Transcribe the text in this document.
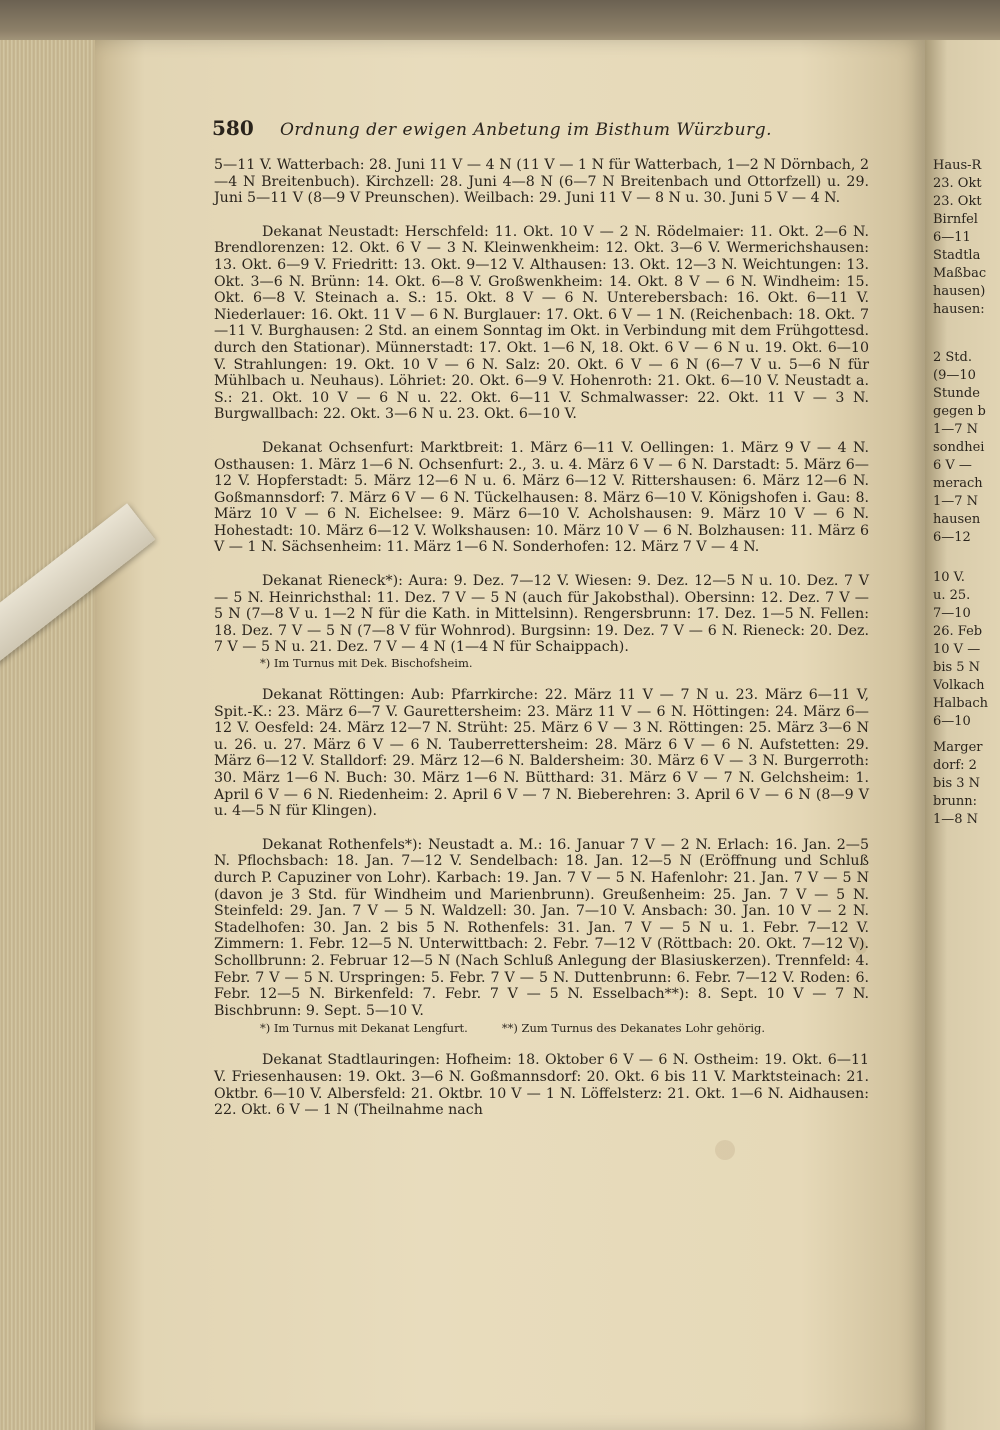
Haus-R
23. Okt
23. Okt
Birnfel
6—11
Stadtla
Maßbac
hausen)
hausen:
2 Std.
(9—10
Stunde
gegen b
1—7 N
sondhei
6 V —
merach
1—7 N
hausen
6—12
10 V.
u. 25.
7—10
26. Feb
10 V —
bis 5 N
Volkach
Halbach
6—10
Marger
dorf: 2
bis 3 N
brunn:
1—8 N
580 Ordnung der ewigen Anbetung im Bisthum Würzburg.

5—11 V. Watterbach: 28. Juni 11 V — 4 N (11 V — 1 N für Watterbach, 1—2 N Dörnbach, 2—4 N Breitenbuch). Kirchzell: 28. Juni 4—8 N (6—7 N Breitenbach und Ottorfzell) u. 29. Juni 5—11 V (8—9 V Preunschen). Weilbach: 29. Juni 11 V — 8 N u. 30. Juni 5 V — 4 N.

Dekanat Neustadt: Herschfeld: 11. Okt. 10 V — 2 N. Rödelmaier: 11. Okt. 2—6 N. Brendlorenzen: 12. Okt. 6 V — 3 N. Kleinwenkheim: 12. Okt. 3—6 V. Wermerichshausen: 13. Okt. 6—9 V. Friedritt: 13. Okt. 9—12 V. Althausen: 13. Okt. 12—3 N. Weichtungen: 13. Okt. 3—6 N. Brünn: 14. Okt. 6—8 V. Großwenkheim: 14. Okt. 8 V — 6 N. Windheim: 15. Okt. 6—8 V. Steinach a. S.: 15. Okt. 8 V — 6 N. Unterebersbach: 16. Okt. 6—11 V. Niederlauer: 16. Okt. 11 V — 6 N. Burglauer: 17. Okt. 6 V — 1 N. (Reichenbach: 18. Okt. 7—11 V. Burghausen: 2 Std. an einem Sonntag im Okt. in Verbindung mit dem Frühgottesd. durch den Stationar). Münnerstadt: 17. Okt. 1—6 N, 18. Okt. 6 V — 6 N u. 19. Okt. 6—10 V. Strahlungen: 19. Okt. 10 V — 6 N. Salz: 20. Okt. 6 V — 6 N (6—7 V u. 5—6 N für Mühlbach u. Neuhaus). Löhriet: 20. Okt. 6—9 V. Hohenroth: 21. Okt. 6—10 V. Neustadt a. S.: 21. Okt. 10 V — 6 N u. 22. Okt. 6—11 V. Schmalwasser: 22. Okt. 11 V — 3 N. Burgwallbach: 22. Okt. 3—6 N u. 23. Okt. 6—10 V.

Dekanat Ochsenfurt: Marktbreit: 1. März 6—11 V. Oellingen: 1. März 9 V — 4 N. Osthausen: 1. März 1—6 N. Ochsenfurt: 2., 3. u. 4. März 6 V — 6 N. Darstadt: 5. März 6—12 V. Hopferstadt: 5. März 12—6 N u. 6. März 6—12 V. Rittershausen: 6. März 12—6 N. Goßmannsdorf: 7. März 6 V — 6 N. Tückelhausen: 8. März 6—10 V. Königshofen i. Gau: 8. März 10 V — 6 N. Eichelsee: 9. März 6—10 V. Acholshausen: 9. März 10 V — 6 N. Hohestadt: 10. März 6—12 V. Wolkshausen: 10. März 10 V — 6 N. Bolzhausen: 11. März 6 V — 1 N. Sächsenheim: 11. März 1—6 N. Sonderhofen: 12. März 7 V — 4 N.

Dekanat Rieneck*): Aura: 9. Dez. 7—12 V. Wiesen: 9. Dez. 12—5 N u. 10. Dez. 7 V — 5 N. Heinrichsthal: 11. Dez. 7 V — 5 N (auch für Jakobsthal). Obersinn: 12. Dez. 7 V — 5 N (7—8 V u. 1—2 N für die Kath. in Mittelsinn). Rengersbrunn: 17. Dez. 1—5 N. Fellen: 18. Dez. 7 V — 5 N (7—8 V für Wohnrod). Burgsinn: 19. Dez. 7 V — 6 N. Rieneck: 20. Dez. 7 V — 5 N u. 21. Dez. 7 V — 4 N (1—4 N für Schaippach).

*) Im Turnus mit Dek. Bischofsheim.

Dekanat Röttingen: Aub: Pfarrkirche: 22. März 11 V — 7 N u. 23. März 6—11 V, Spit.-K.: 23. März 6—7 V. Gaurettersheim: 23. März 11 V — 6 N. Höttingen: 24. März 6—12 V. Oesfeld: 24. März 12—7 N. Strüht: 25. März 6 V — 3 N. Röttingen: 25. März 3—6 N u. 26. u. 27. März 6 V — 6 N. Tauberrettersheim: 28. März 6 V — 6 N. Aufstetten: 29. März 6—12 V. Stalldorf: 29. März 12—6 N. Baldersheim: 30. März 6 V — 3 N. Burgerroth: 30. März 1—6 N. Buch: 30. März 1—6 N. Bütthard: 31. März 6 V — 7 N. Gelchsheim: 1. April 6 V — 6 N. Riedenheim: 2. April 6 V — 7 N. Bieberehren: 3. April 6 V — 6 N (8—9 V u. 4—5 N für Klingen).

Dekanat Rothenfels*): Neustadt a. M.: 16. Januar 7 V — 2 N. Erlach: 16. Jan. 2—5 N. Pflochsbach: 18. Jan. 7—12 V. Sendelbach: 18. Jan. 12—5 N (Eröffnung und Schluß durch P. Capuziner von Lohr). Karbach: 19. Jan. 7 V — 5 N. Hafenlohr: 21. Jan. 7 V — 5 N (davon je 3 Std. für Windheim und Marienbrunn). Greußenheim: 25. Jan. 7 V — 5 N. Steinfeld: 29. Jan. 7 V — 5 N. Waldzell: 30. Jan. 7—10 V. Ansbach: 30. Jan. 10 V — 2 N. Stadelhofen: 30. Jan. 2 bis 5 N. Rothenfels: 31. Jan. 7 V — 5 N u. 1. Febr. 7—12 V. Zimmern: 1. Febr. 12—5 N. Unterwittbach: 2. Febr. 7—12 V (Röttbach: 20. Okt. 7—12 V). Schollbrunn: 2. Februar 12—5 N (Nach Schluß Anlegung der Blasiuskerzen). Trennfeld: 4. Febr. 7 V — 5 N. Urspringen: 5. Febr. 7 V — 5 N. Duttenbrunn: 6. Febr. 7—12 V. Roden: 6. Febr. 12—5 N. Birkenfeld: 7. Febr. 7 V — 5 N. Esselbach**): 8. Sept. 10 V — 7 N. Bischbrunn: 9. Sept. 5—10 V.

*) Im Turnus mit Dekanat Lengfurt.	**) Zum Turnus des Dekanates Lohr gehörig.

Dekanat Stadtlauringen: Hofheim: 18. Oktober 6 V — 6 N. Ostheim: 19. Okt. 6—11 V. Friesenhausen: 19. Okt. 3—6 N. Goßmannsdorf: 20. Okt. 6 bis 11 V. Marktsteinach: 21. Oktbr. 6—10 V. Albersfeld: 21. Oktbr. 10 V — 1 N. Löffelsterz: 21. Okt. 1—6 N. Aidhausen: 22. Okt. 6 V — 1 N (Theilnahme nach
